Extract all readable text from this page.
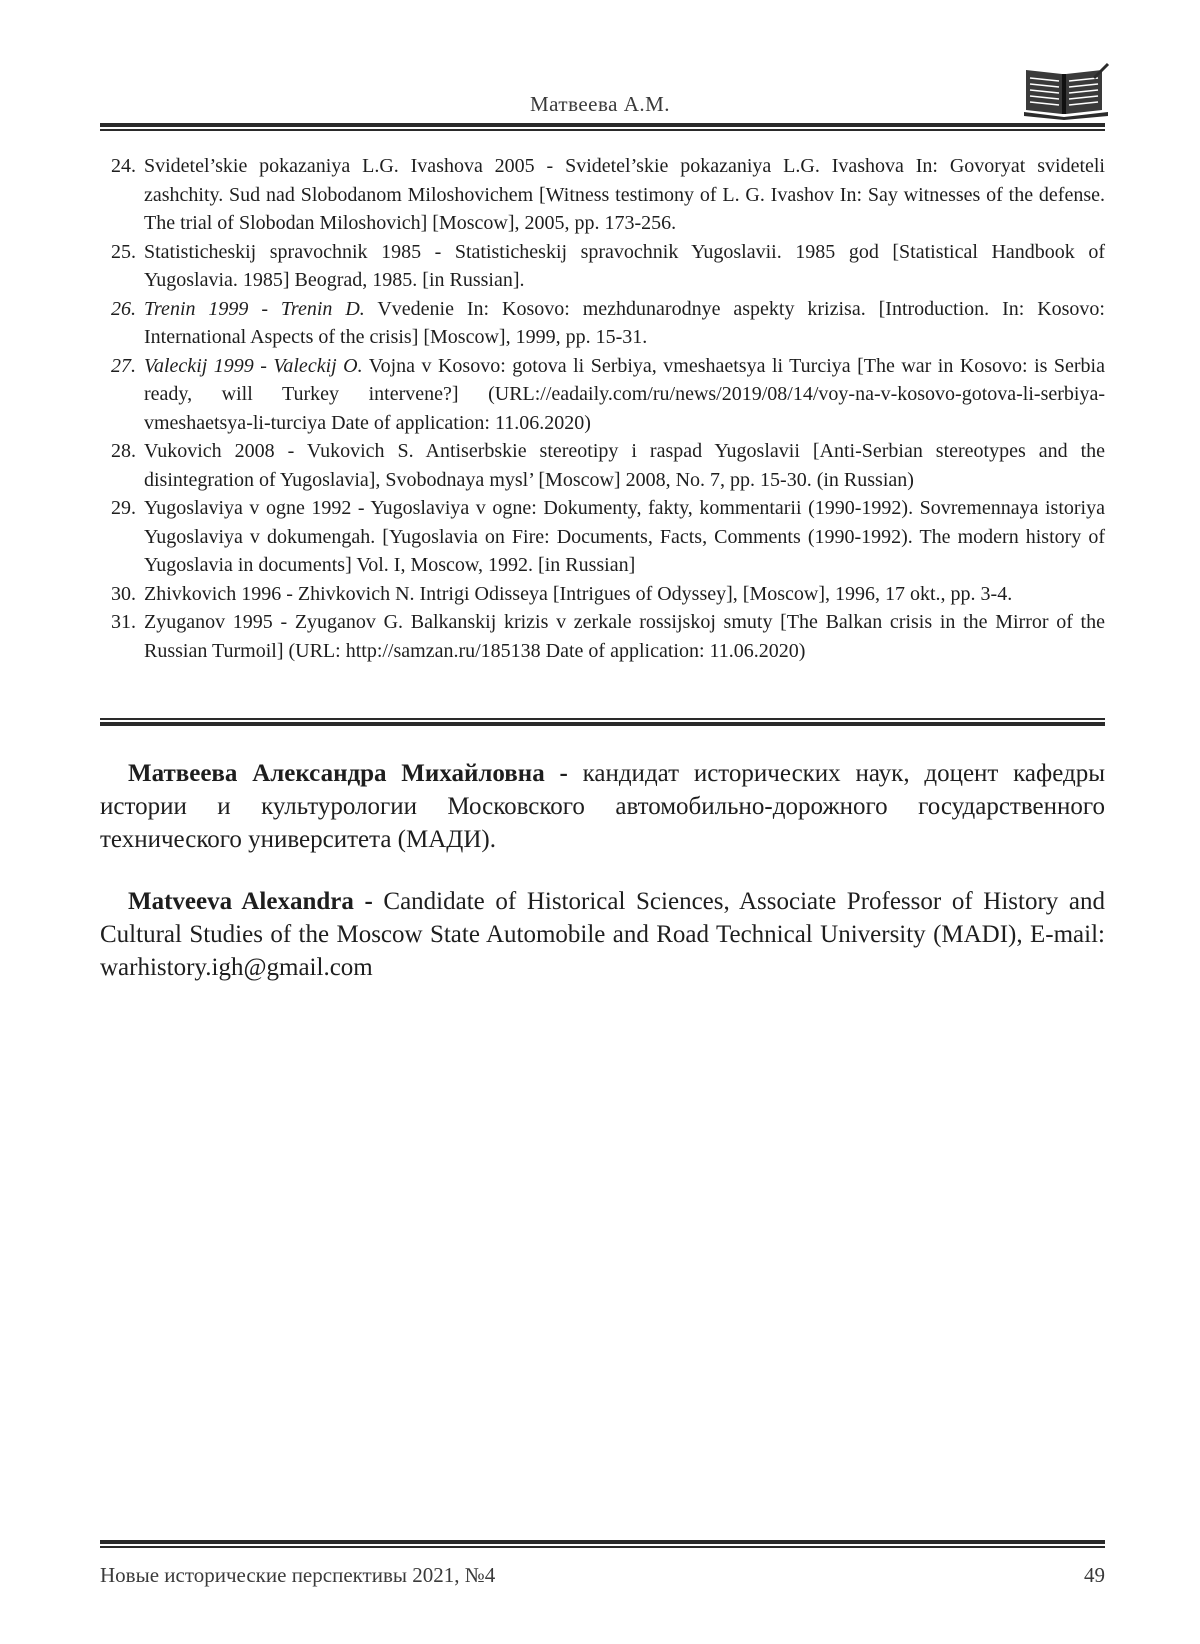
Матвеева А.М.
24. Svidetel’skie pokazaniya L.G. Ivashova 2005 - Svidetel’skie pokazaniya L.G. Ivashova In: Govoryat svideteli zashchity. Sud nad Slobodanom Miloshovichem [Witness testimony of L. G. Ivashov In: Say witnesses of the defense. The trial of Slobodan Miloshovich] [Moscow], 2005, pp. 173-256.
25. Statisticheskij spravochnik 1985 - Statisticheskij spravochnik Yugoslavii. 1985 god [Statistical Handbook of Yugoslavia. 1985] Beograd, 1985. [in Russian].
26. Trenin 1999 - Trenin D. Vvedenie In: Kosovo: mezhdunarodnye aspekty krizisa. [Introduction. In: Kosovo: International Aspects of the crisis] [Moscow], 1999, pp. 15-31.
27. Valeckij 1999 - Valeckij O. Vojna v Kosovo: gotova li Serbiya, vmeshaetsya li Turciya [The war in Kosovo: is Serbia ready, will Turkey intervene?] (URL://eadaily.com/ru/news/2019/08/14/voy-na-v-kosovo-gotova-li-serbiya-vmeshaetsya-li-turciya Date of application: 11.06.2020)
28. Vukovich 2008 - Vukovich S. Antiserbskie stereotipy i raspad Yugoslavii [Anti-Serbian stereotypes and the disintegration of Yugoslavia], Svobodnaya mysl’ [Moscow] 2008, No. 7, pp. 15-30. (in Russian)
29. Yugoslaviya v ogne 1992 - Yugoslaviya v ogne: Dokumenty, fakty, kommentarii (1990-1992). Sovremennaya istoriya Yugoslaviya v dokumengah. [Yugoslavia on Fire: Documents, Facts, Comments (1990-1992). The modern history of Yugoslavia in documents] Vol. I, Moscow, 1992. [in Russian]
30. Zhivkovich 1996 - Zhivkovich N. Intrigi Odisseya [Intrigues of Odyssey], [Moscow], 1996, 17 okt., pp. 3-4.
31. Zyuganov 1995 - Zyuganov G. Balkanskij krizis v zerkale rossijskoj smuty [The Balkan crisis in the Mirror of the Russian Turmoil] (URL: http://samzan.ru/185138 Date of application: 11.06.2020)

Матвеева Александра Михайловна - кандидат исторических наук, доцент кафедры истории и культурологии Московского автомобильно-дорожного государственного технического университета (МАДИ).

Matveeva Alexandra - Candidate of Historical Sciences, Associate Professor of History and Cultural Studies of the Moscow State Automobile and Road Technical University (MADI), E-mail: warhistory.igh@gmail.com

Новые исторические перспективы 2021, №4	49
